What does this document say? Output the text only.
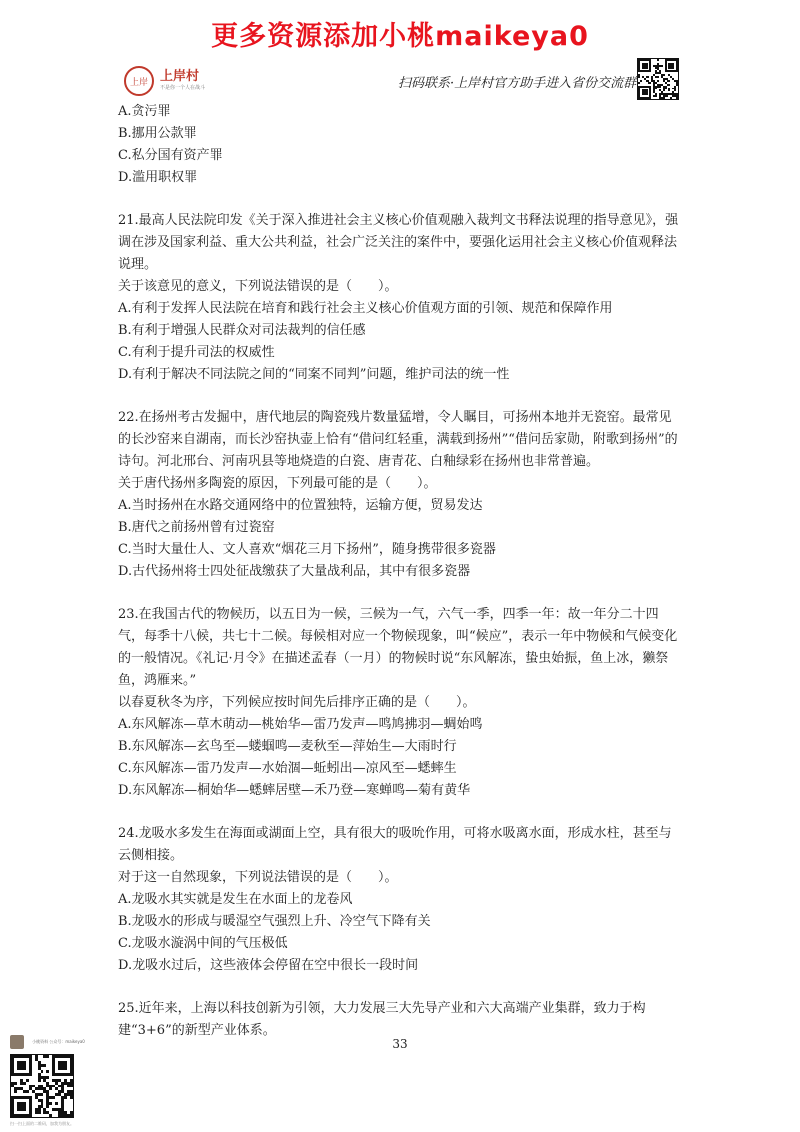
更多资源添加小桃maikeya0
上岸 上岸村
不是你一个人在战斗	扫码联系·上岸村官方助手进入省份交流群

A.贪污罪

B.挪用公款罪

C.私分国有资产罪

D.滥用职权罪

21.最高人民法院印发《关于深入推进社会主义核心价值观融入裁判文书释法说理的指导意见》，强调在涉及国家利益、重大公共利益，社会广泛关注的案件中，要强化运用社会主义核心价值观释法说理。

关于该意见的意义，下列说法错误的是（　　）。

A.有利于发挥人民法院在培育和践行社会主义核心价值观方面的引领、规范和保障作用

B.有利于增强人民群众对司法裁判的信任感

C.有利于提升司法的权威性

D.有利于解决不同法院之间的“同案不同判”问题，维护司法的统一性

22.在扬州考古发掘中，唐代地层的陶瓷残片数量猛增，令人瞩目，可扬州本地并无瓷窑。最常见的长沙窑来自湖南，而长沙窑执壶上恰有“借问红轻重，满载到扬州”“借问岳家勋，附歌到扬州”的诗句。河北邢台、河南巩县等地烧造的白瓷、唐青花、白釉绿彩在扬州也非常普遍。

关于唐代扬州多陶瓷的原因，下列最可能的是（　　）。

A.当时扬州在水路交通网络中的位置独特，运输方便，贸易发达

B.唐代之前扬州曾有过瓷窑

C.当时大量仕人、文人喜欢“烟花三月下扬州”，随身携带很多瓷器

D.古代扬州将士四处征战缴获了大量战利品，其中有很多瓷器

23.在我国古代的物候历，以五日为一候，三候为一气，六气一季，四季一年：故一年分二十四气，每季十八候，共七十二候。每候相对应一个物候现象，叫“候应”，表示一年中物候和气候变化的一般情况。《礼记·月令》在描述孟春（一月）的物候时说“东风解冻，蛰虫始振，鱼上冰，獭祭鱼，鸿雁来。”

以春夏秋冬为序，下列候应按时间先后排序正确的是（　　）。

A.东风解冻—草木萌动—桃始华—雷乃发声—鸣鸠拂羽—蜩始鸣

B.东风解冻—玄鸟至—蝼蝈鸣—麦秋至—萍始生—大雨时行

C.东风解冻—雷乃发声—水始涸—蚯蚓出—凉风至—蟋蟀生

D.东风解冻—桐始华—蟋蟀居壁—禾乃登—寒蝉鸣—菊有黄华

24.龙吸水多发生在海面或湖面上空，具有很大的吸吮作用，可将水吸离水面，形成水柱，甚至与云侧相接。

对于这一自然现象，下列说法错误的是（　　）。

A.龙吸水其实就是发生在水面上的龙卷风

B.龙吸水的形成与暖湿空气强烈上升、冷空气下降有关

C.龙吸水漩涡中间的气压极低

D.龙吸水过后，这些液体会停留在空中很长一段时间

25.近年来，上海以科技创新为引领，大力发展三大先导产业和六大高端产业集群，致力于构建“3+6”的新型产业体系。

33
小桃资料 公众号：maikeya0
扫一扫上面的二维码，加我为朋友。
